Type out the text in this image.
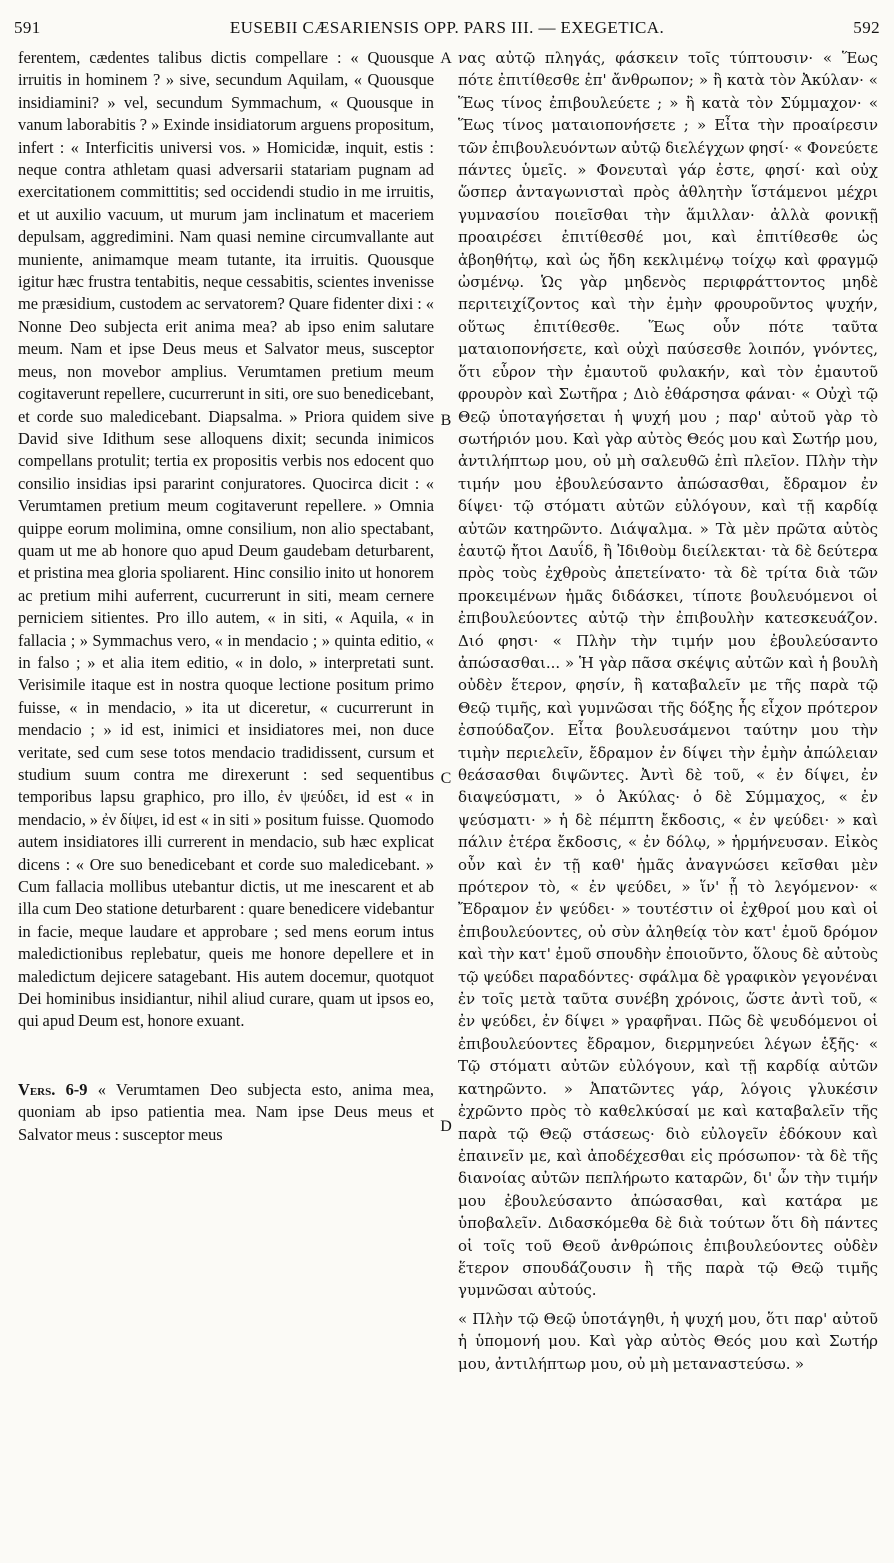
591	EUSEBII CÆSARIENSIS OPP. PARS III. — EXEGETICA.	592

ferentem, cædentes talibus dictis compellare : « Quousque irruitis in hominem ? » sive, secundum Aquilam, « Quousque insidiamini? » vel, secundum Symmachum, « Quousque in vanum laborabitis ? » Exinde insidiatorum arguens propositum, infert : « Interficitis universi vos. » Homicidæ, inquit, estis : neque contra athletam quasi adversarii statariam pugnam ad exercitationem committitis; sed occidendi studio in me irruitis, et ut auxilio vacuum, ut murum jam inclinatum et maceriem depulsam, aggredimini. Nam quasi nemine circumvallante aut muniente, animamque meam tutante, ita irruitis. Quousque igitur hæc frustra tentabitis, neque cessabitis, scientes invenisse me præsidium, custodem ac servatorem? Quare fidenter dixi : « Nonne Deo subjecta erit anima mea? ab ipso enim salutare meum. Nam et ipse Deus meus et Salvator meus, susceptor meus, non movebor amplius. Verumtamen pretium meum cogitaverunt repellere, cucurrerunt in siti, ore suo benedicebant, et corde suo maledicebant. Diapsalma. » Priora quidem sive David sive Idithum sese alloquens dixit; secunda inimicos compellans protulit; tertia ex propositis verbis nos edocent quo consilio insidias ipsi pararint conjuratores. Quocirca dicit : « Verumtamen pretium meum cogitaverunt repellere. » Omnia quippe eorum molimina, omne consilium, non alio spectabant, quam ut me ab honore quo apud Deum gaudebam deturbarent, et pristina mea gloria spoliarent. Hinc consilio inito ut honorem ac pretium mihi auferrent, cucurrerunt in siti, meam cernere perniciem sitientes. Pro illo autem, « in siti, « Aquila, « in fallacia ; » Symmachus vero, « in mendacio ; » quinta editio, « in falso ; » et alia item editio, « in dolo, » interpretati sunt. Verisimile itaque est in nostra quoque lectione positum primo fuisse, « in mendacio, » ita ut diceretur, « cucurrerunt in mendacio ; » id est, inimici et insidiatores mei, non duce veritate, sed cum sese totos mendacio tradidissent, cursum et studium suum contra me direxerunt : sed sequentibus temporibus lapsu graphico, pro illo, ἐν ψεύδει, id est « in mendacio, » ἐν δίψει, id est « in siti » positum fuisse. Quomodo autem insidiatores illi currerent in mendacio, sub hæc explicat dicens : « Ore suo benedicebant et corde suo maledicebant. » Cum fallacia mollibus utebantur dictis, ut me inescarent et ab illa cum Deo statione deturbarent : quare benedicere videbantur in facie, meque laudare et approbare ; sed mens eorum intus maledictionibus replebatur, queis me honore depellere et in maledictum dejicere satagebant. His autem docemur, quotquot Dei hominibus insidiantur, nihil aliud curare, quam ut ipsos eo, qui apud Deum est, honore exuant.

Vers. 6-9 « Verumtamen Deo subjecta esto, anima mea, quoniam ab ipso patientia mea. Nam ipse Deus meus et Salvator meus : susceptor meus

A
B
C
D

νας αὐτῷ πληγάς, φάσκειν τοῖς τύπτουσιν· « Ἕως πότε ἐπιτίθεσθε ἐπ' ἄνθρωπον; » ἢ κατὰ τὸν Ἀκύλαν· « Ἕως τίνος ἐπιβουλεύετε ; » ἢ κατὰ τὸν Σύμμαχον· « Ἕως τίνος ματαιοπονήσετε ; » Εἶτα τὴν προαίρεσιν τῶν ἐπιβουλευόντων αὐτῷ διελέγχων φησί· « Φονεύετε πάντες ὑμεῖς. » Φονευταὶ γάρ ἐστε, φησί· καὶ οὐχ ὥσπερ ἀνταγωνισταὶ πρὸς ἀθλητὴν ἵστάμενοι μέχρι γυμνασίου ποιεῖσθαι τὴν ἅμιλλαν· ἀλλὰ φονικῇ προαιρέσει ἐπιτίθεσθέ μοι, καὶ ἐπιτίθεσθε ὡς ἀβοηθήτῳ, καὶ ὡς ἤδη κεκλιμένῳ τοίχῳ καὶ φραγμῷ ὠσμένῳ. Ὡς γὰρ μηδενὸς περιφράττοντος μηδὲ περιτειχίζοντος καὶ τὴν ἐμὴν φρουροῦντος ψυχήν, οὕτως ἐπιτίθεσθε. Ἕως οὖν πότε ταῦτα ματαιοπονήσετε, καὶ οὐχὶ παύσεσθε λοιπόν, γνόντες, ὅτι εὗρον τὴν ἐμαυτοῦ φυλακήν, καὶ τὸν ἐμαυτοῦ φρουρὸν καὶ Σωτῆρα ; Διὸ ἐθάρσησα φάναι· « Οὐχὶ τῷ Θεῷ ὑποταγήσεται ἡ ψυχή μου ; παρ' αὐτοῦ γὰρ τὸ σωτήριόν μου. Καὶ γὰρ αὐτὸς Θεός μου καὶ Σωτήρ μου, ἀντιλήπτωρ μου, οὐ μὴ σαλευθῶ ἐπὶ πλεῖον. Πλὴν τὴν τιμήν μου ἐβουλεύσαντο ἀπώσασθαι, ἔδραμον ἐν δίψει· τῷ στόματι αὐτῶν εὐλόγουν, καὶ τῇ καρδίᾳ αὐτῶν κατηρῶντο. Διάψαλμα. » Τὰ μὲν πρῶτα αὐτὸς ἑαυτῷ ἤτοι Δαυΐδ, ἢ Ἰδιθοὺμ διείλεκται· τὰ δὲ δεύτερα πρὸς τοὺς ἐχθροὺς ἀπετείνατο· τὰ δὲ τρίτα διὰ τῶν προκειμένων ἡμᾶς διδάσκει, τίποτε βουλευόμενοι οἱ ἐπιβουλεύοντες αὐτῷ τὴν ἐπιβουλὴν κατεσκευάζον. Διό φησι· « Πλὴν τὴν τιμήν μου ἐβουλεύσαντο ἀπώσασθαι... » Ἡ γὰρ πᾶσα σκέψις αὐτῶν καὶ ἡ βουλὴ οὐδὲν ἕτερον, φησίν, ἢ καταβαλεῖν με τῆς παρὰ τῷ Θεῷ τιμῆς, καὶ γυμνῶσαι τῆς δόξης ἧς εἶχον πρότερον ἐσπούδαζον. Εἶτα βουλευσάμενοι ταύτην μου τὴν τιμὴν περιελεῖν, ἔδραμον ἐν δίψει τὴν ἐμὴν ἀπώλειαν θεάσασθαι διψῶντες. Ἀντὶ δὲ τοῦ, « ἐν δίψει, ἐν διαψεύσματι, » ὁ Ἀκύλας· ὁ δὲ Σύμμαχος, « ἐν ψεύσματι· » ἡ δὲ πέμπτη ἔκδοσις, « ἐν ψεύδει· » καὶ πάλιν ἑτέρα ἔκδοσις, « ἐν δόλῳ, » ἡρμήνευσαν. Εἰκὸς οὖν καὶ ἐν τῇ καθ' ἡμᾶς ἀναγνώσει κεῖσθαι μὲν πρότερον τὸ, « ἐν ψεύδει, » ἵν' ᾖ τὸ λεγόμενον· « Ἔδραμον ἐν ψεύδει· » τουτέστιν οἱ ἐχθροί μου καὶ οἱ ἐπιβουλεύοντες, οὐ σὺν ἀληθείᾳ τὸν κατ' ἐμοῦ δρόμον καὶ τὴν κατ' ἐμοῦ σπουδὴν ἐποιοῦντο, ὅλους δὲ αὐτοὺς τῷ ψεύδει παραδόντες· σφάλμα δὲ γραφικὸν γεγονέναι ἐν τοῖς μετὰ ταῦτα συνέβη χρόνοις, ὥστε ἀντὶ τοῦ, « ἐν ψεύδει, ἐν δίψει » γραφῆναι. Πῶς δὲ ψευδόμενοι οἱ ἐπιβουλεύοντες ἔδραμον, διερμηνεύει λέγων ἑξῆς· « Τῷ στόματι αὐτῶν εὐλόγουν, καὶ τῇ καρδίᾳ αὐτῶν κατηρῶντο. » Ἀπατῶντες γάρ, λόγοις γλυκέσιν ἐχρῶντο πρὸς τὸ καθελκύσαί με καὶ καταβαλεῖν τῆς παρὰ τῷ Θεῷ στάσεως· διὸ εὐλογεῖν ἐδόκουν καὶ ἐπαινεῖν με, καὶ ἀποδέχεσθαι εἰς πρόσωπον· τὰ δὲ τῆς διανοίας αὐτῶν πεπλήρωτο καταρῶν, δι' ὧν τὴν τιμήν μου ἐβουλεύσαντο ἀπώσασθαι, καὶ κατάρα με ὑποβαλεῖν. Διδασκόμεθα δὲ διὰ τούτων ὅτι δὴ πάντες οἱ τοῖς τοῦ Θεοῦ ἀνθρώποις ἐπιβουλεύοντες οὐδὲν ἕτερον σπουδάζουσιν ἢ τῆς παρὰ τῷ Θεῷ τιμῆς γυμνῶσαι αὐτούς.

« Πλὴν τῷ Θεῷ ὑποτάγηθι, ἡ ψυχή μου, ὅτι παρ' αὐτοῦ ἡ ὑπομονή μου. Καὶ γὰρ αὐτὸς Θεός μου καὶ Σωτήρ μου, ἀντιλήπτωρ μου, οὐ μὴ μεταναστεύσω. »
